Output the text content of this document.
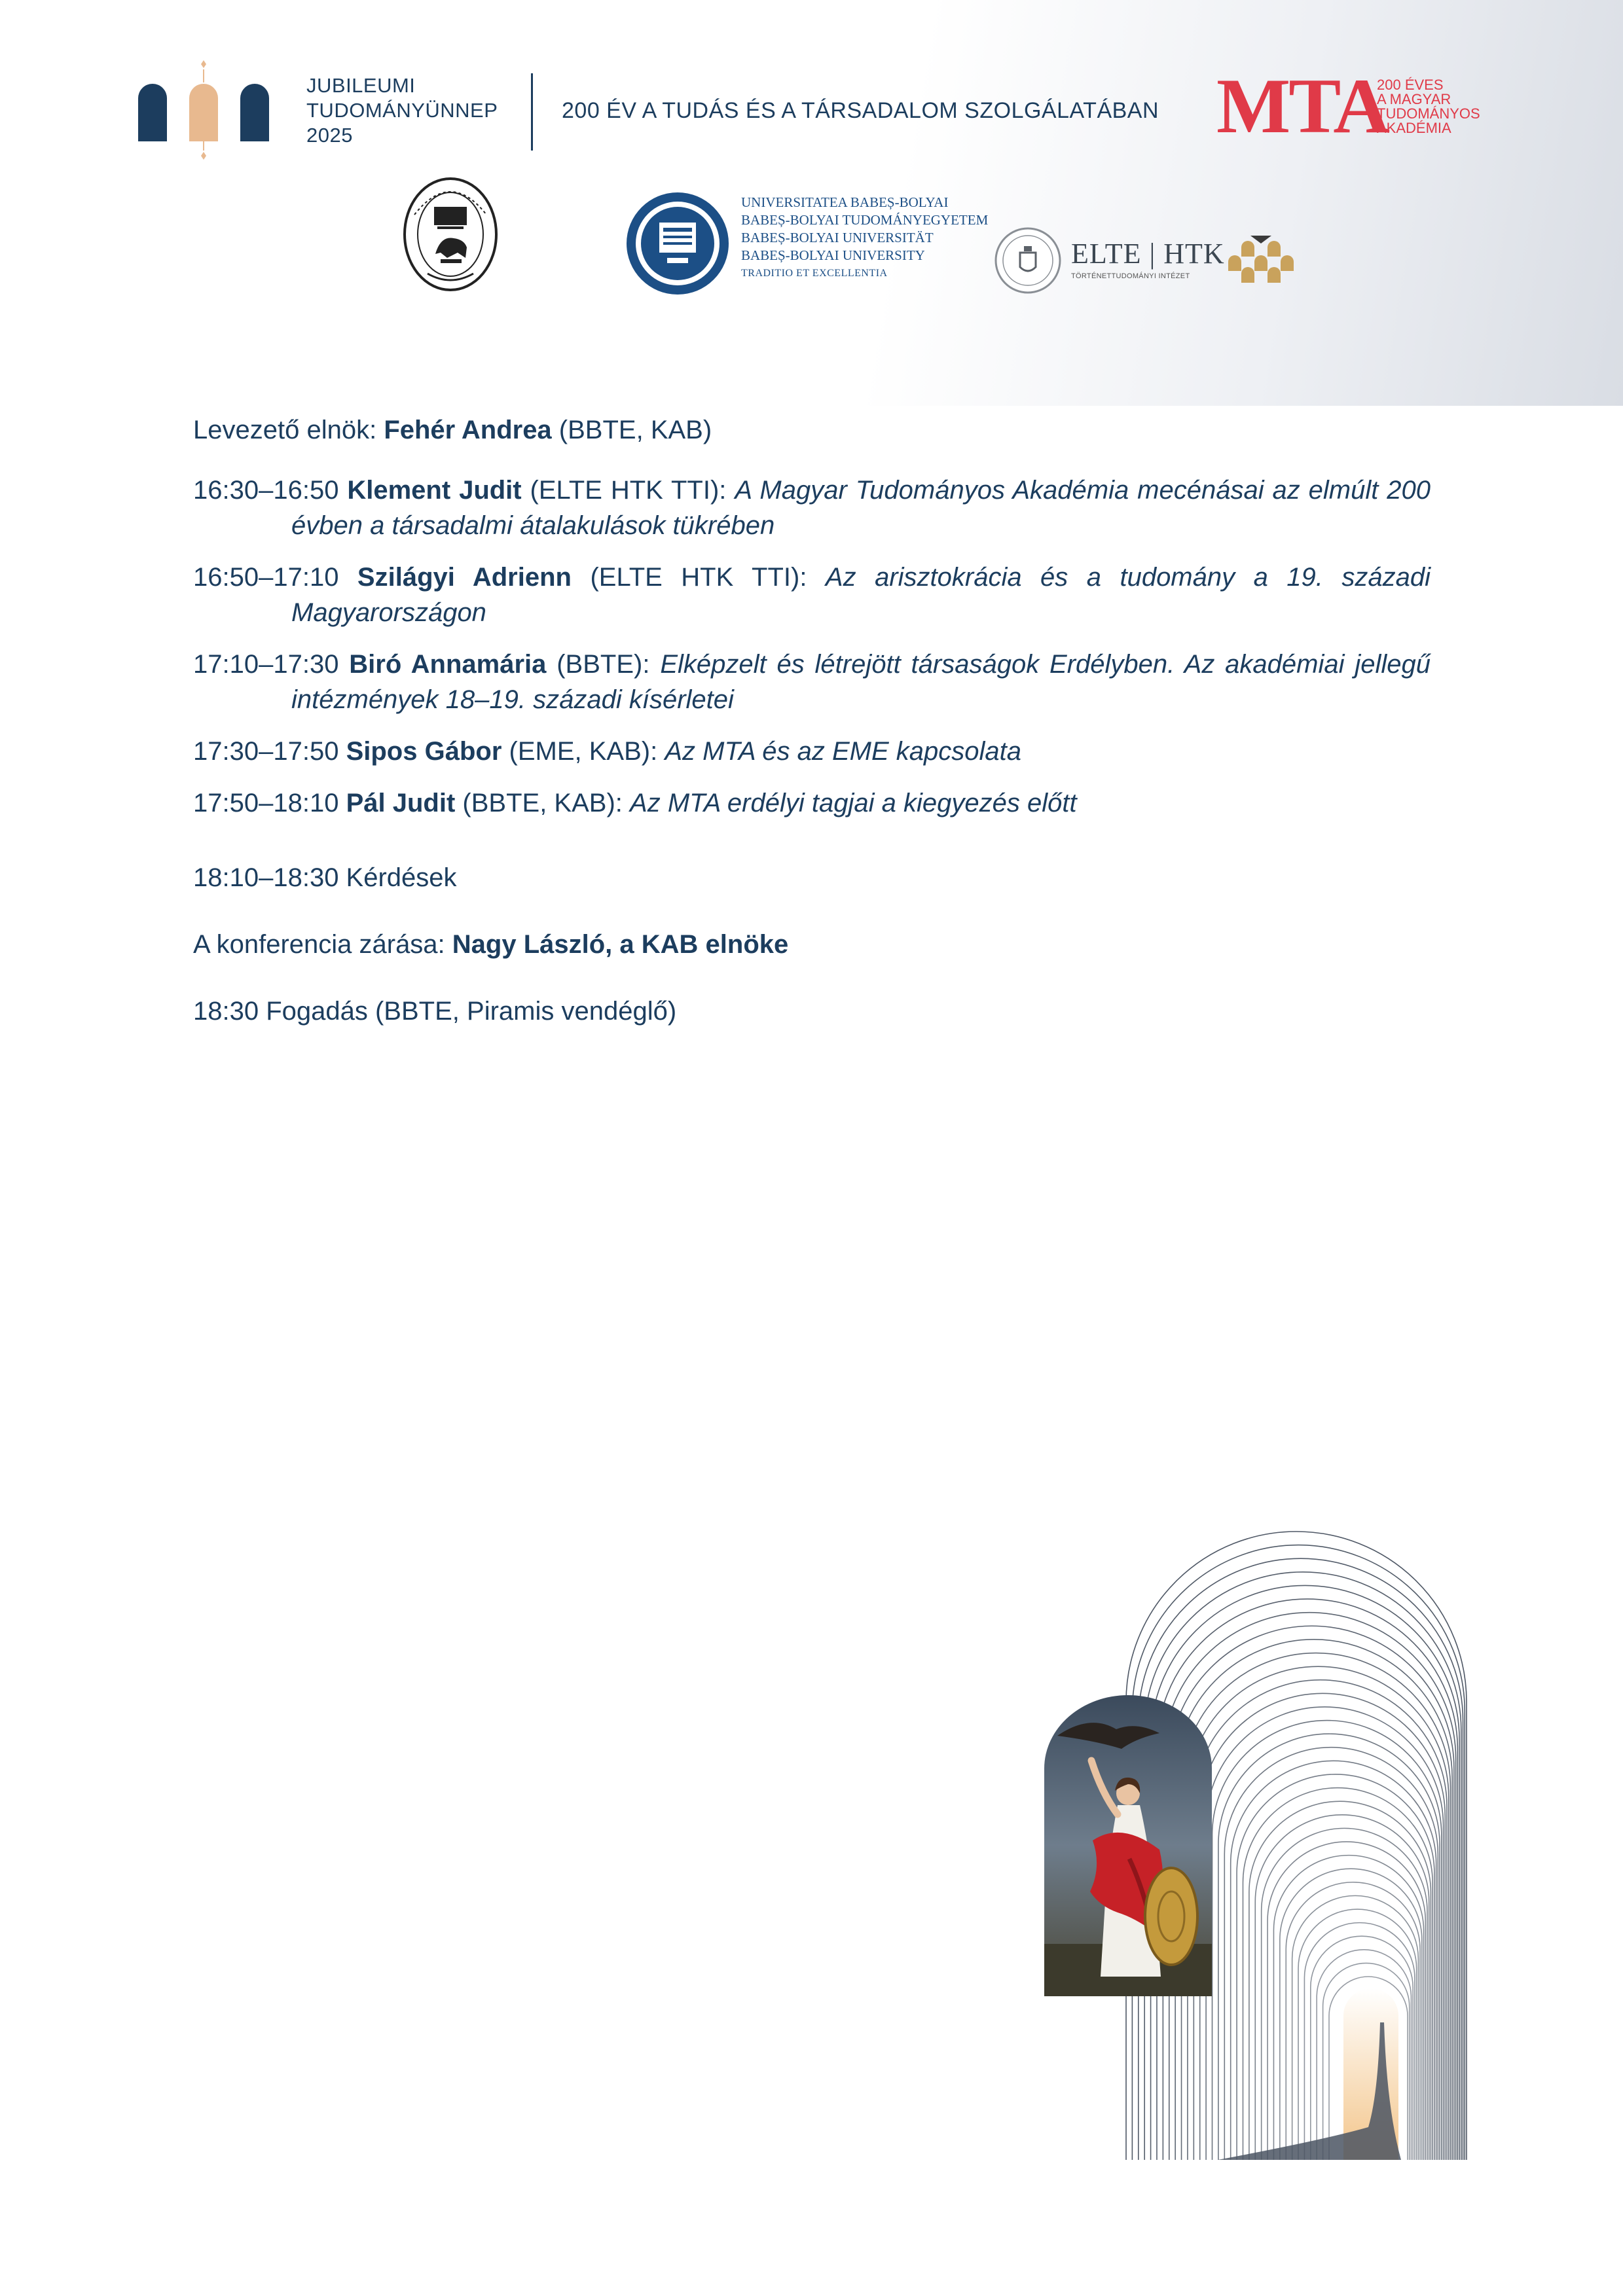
JUBILEUMI
TUDOMÁNYÜNNEP
2025
200 ÉV A TUDÁS ÉS A TÁRSADALOM SZOLGÁLATÁBAN MTA
200 ÉVES
A MAGYAR
TUDOMÁNYOS
AKADÉMIA
UNIVERSITATEA BABEȘ-BOLYAI
BABEȘ-BOLYAI TUDOMÁNYEGYETEM
BABEȘ-BOLYAI UNIVERSITÄT
BABEȘ-BOLYAI UNIVERSITY
TRADITIO ET EXCELLENTIA
ELTE | HTK
TÖRTÉNETTUDOMÁNYI INTÉZET
Levezető elnök: Fehér Andrea (BBTE, KAB)
16:30–16:50 Klement Judit (ELTE HTK TTI): A Magyar Tudományos Akadémia mecénásai az elmúlt 200 évben a társadalmi átalakulások tükrében
16:50–17:10 Szilágyi Adrienn (ELTE HTK TTI): Az arisztokrácia és a tudomány a 19. századi Magyarországon
17:10–17:30 Biró Annamária (BBTE): Elképzelt és létrejött társaságok Erdélyben. Az akadémiai jellegű intézmények 18–19. századi kísérletei
17:30–17:50 Sipos Gábor (EME, KAB): Az MTA és az EME kapcsolata
17:50–18:10 Pál Judit (BBTE, KAB): Az MTA erdélyi tagjai a kiegyezés előtt
18:10–18:30 Kérdések
A konferencia zárása: Nagy László, a KAB elnöke
18:30 Fogadás (BBTE, Piramis vendéglő)
